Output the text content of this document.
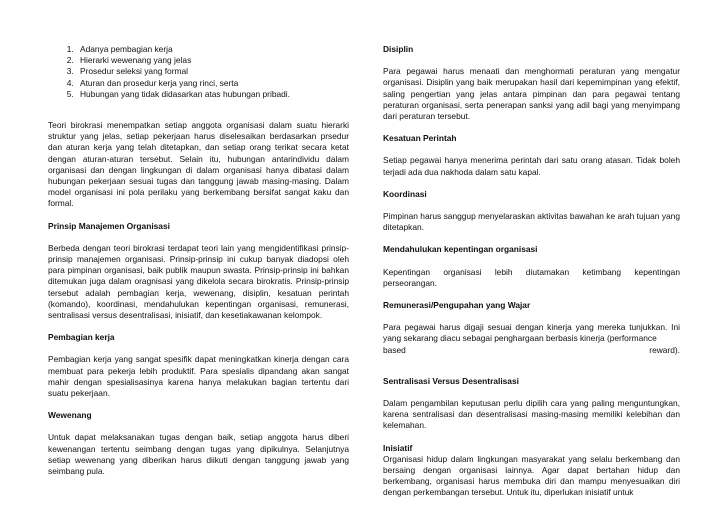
1. Adanya pembagian kerja
2. Hierarki wewenang yang jelas
3. Prosedur seleksi yang formal
4. Aturan dan prosedur kerja yang rinci, serta
5. Hubungan yang tidak didasarkan atas hubungan pribadi.

Teori birokrasi menempatkan setiap anggota organisasi dalam suatu hierarki struktur yang jelas, setiap pekerjaan harus diselesaikan berdasarkan prsedur dan aturan kerja yang telah ditetapkan, dan setiap orang terikat secara ketat dengan aturan-aturan tersebut. Selain itu, hubungan antarindividu dalam organisasi dan dengan lingkungan di dalam organisasi hanya dibatasi dalam hubungan pekerjaan sesuai tugas dan tanggung jawab masing-masing. Dalam model organisasi ini pola perilaku yang berkembang bersifat sangat kaku dan formal.

Prinsip Manajemen Organisasi

Berbeda dengan teori birokrasi terdapat teori lain yang mengidentifikasi prinsip-prinsip manajemen organisasi. Prinsip-prinsip ini cukup banyak diadopsi oleh para pimpinan organisasi, baik publik maupun swasta. Prinsip-prinsip ini bahkan ditemukan juga dalam oragnisasi yang dikelola secara birokratis. Prinsip-prinsip tersebut adalah pembagian kerja, wewenang, disiplin, kesatuan perintah (komando), koordinasi, mendahulukan kepentingan organisasi, remunerasi, sentralisasi versus desentralisasi, inisiatif, dan kesetiakawanan kelompok.

Pembagian kerja

Pembagian kerja yang sangat spesifik dapat meningkatkan kinerja dengan cara membuat para pekerja lebih produktif. Para spesialis dipandang akan sangat mahir dengan spesialisasinya karena hanya melakukan bagian tertentu dari suatu pekerjaan.

Wewenang

Untuk dapat melaksanakan tugas dengan baik, setiap anggota harus diberi kewenangan tertentu seimbang dengan tugas yang dipikulnya. Selanjutnya setiap wewenang yang diberikan harus diikuti dengan tanggung jawab yang seimbang pula.

Disiplin

Para pegawai harus menaati dan menghormati peraturan yang mengatur organisasi. Disiplin yang baik merupakan hasil dari kepemimpinan yang efektif, saling pengertian yang jelas antara pimpinan dan para pegawai tentang peraturan organisasi, serta penerapan sanksi yang adil bagi yang menyimpang dari peraturan tersebut.

Kesatuan Perintah

Setiap pegawai hanya menerima perintah dari satu orang atasan. Tidak boleh terjadi ada dua nakhoda dalam satu kapal.

Koordinasi

Pimpinan harus sanggup menyelaraskan aktivitas bawahan ke arah tujuan yang ditetapkan.

Mendahulukan kepentingan organisasi

Kepentingan organisasi lebih diutamakan ketimbang kepentingan perseorangan.

Remunerasi/Pengupahan yang Wajar

Para pegawai harus digaji sesuai dengan kinerja yang mereka tunjukkan. Ini yang sekarang diacu sebagai penghargaan berbasis kinerja (performance

based	reward).
Sentralisasi Versus Desentralisasi

Dalam pengambilan keputusan perlu dipilih cara yang paling menguntungkan, karena sentralisasi dan desentralisasi masing-masing memiliki kelebihan dan kelemahan.

Inisiatif

Organisasi hidup dalam lingkungan masyarakat yang selalu berkembang dan bersaing dengan organisasi lainnya. Agar dapat bertahan hidup dan berkembang, organisasi harus membuka diri dan mampu menyesuaikan diri dengan perkembangan tersebut. Untuk itu, diperlukan inisiatif untuk
